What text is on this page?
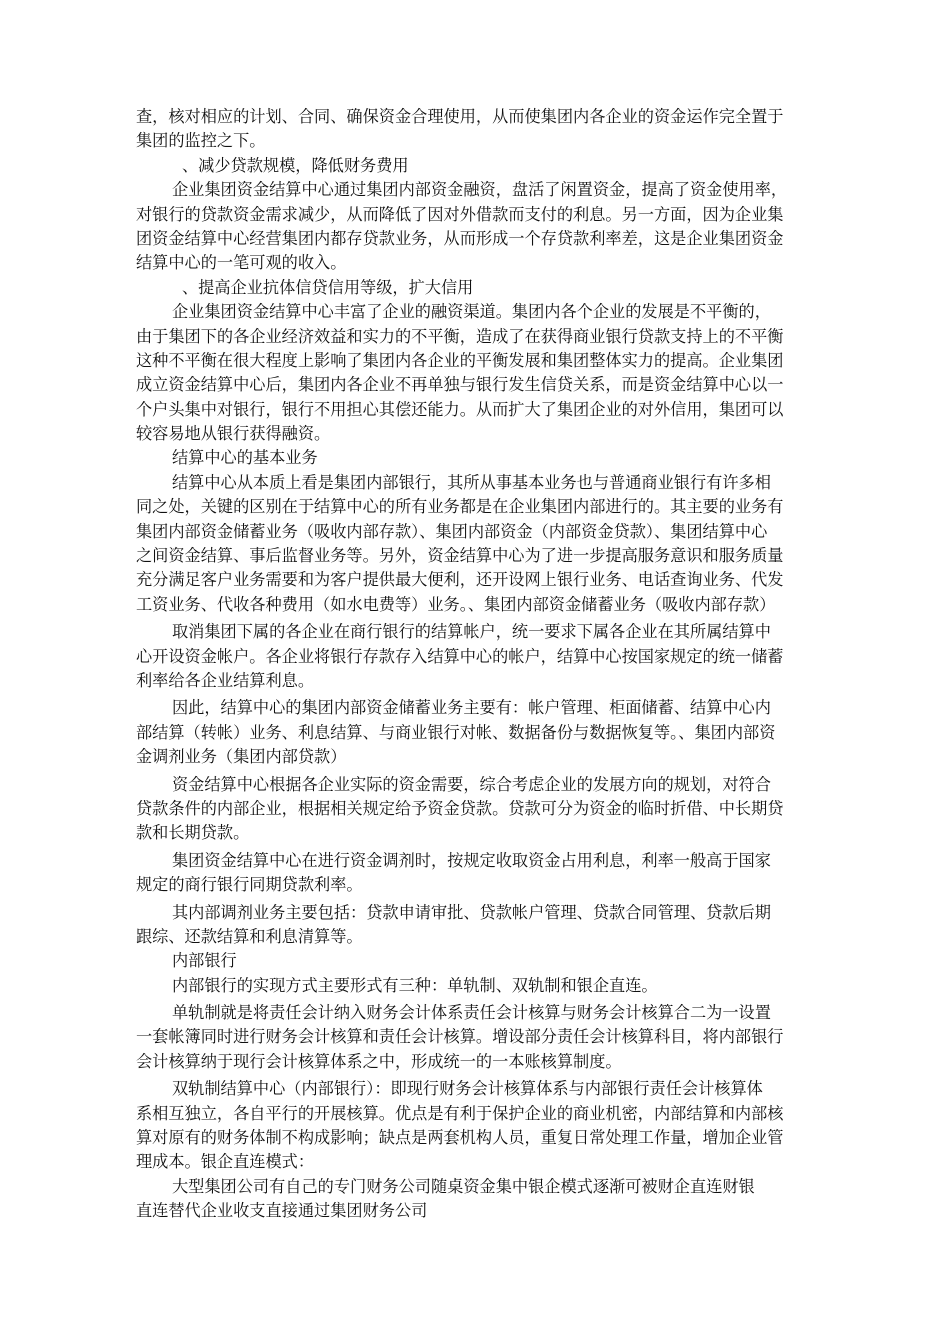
查，核对相应的计划、合同、确保资金合理使用，从而使集团内各企业的资金运作完全置于
集团的监控之下。
、减少贷款规模，降低财务费用
企业集团资金结算中心通过集团内部资金融资，盘活了闲置资金，提高了资金使用率，
对银行的贷款资金需求减少，从而降低了因对外借款而支付的利息。另一方面，因为企业集
团资金结算中心经营集团内都存贷款业务，从而形成一个存贷款利率差，这是企业集团资金
结算中心的一笔可观的收入。
、提高企业抗体信贷信用等级，扩大信用
企业集团资金结算中心丰富了企业的融资渠道。集团内各个企业的发展是不平衡的，
由于集团下的各企业经济效益和实力的不平衡，造成了在获得商业银行贷款支持上的不平衡
这种不平衡在很大程度上影响了集团内各企业的平衡发展和集团整体实力的提高。企业集团
成立资金结算中心后，集团内各企业不再单独与银行发生信贷关系，而是资金结算中心以一
个户头集中对银行，银行不用担心其偿还能力。从而扩大了集团企业的对外信用，集团可以
较容易地从银行获得融资。
结算中心的基本业务
结算中心从本质上看是集团内部银行，其所从事基本业务也与普通商业银行有许多相
同之处，关键的区别在于结算中心的所有业务都是在企业集团内部进行的。其主要的业务有
集团内部资金储蓄业务（吸收内部存款）、集团内部资金（内部资金贷款）、集团结算中心
之间资金结算、事后监督业务等。另外，资金结算中心为了进一步提高服务意识和服务质量
充分满足客户业务需要和为客户提供最大便利，还开设网上银行业务、电话查询业务、代发
工资业务、代收各种费用（如水电费等）业务。、集团内部资金储蓄业务（吸收内部存款）
取消集团下属的各企业在商行银行的结算帐户，统一要求下属各企业在其所属结算中
心开设资金帐户。各企业将银行存款存入结算中心的帐户，结算中心按国家规定的统一储蓄
利率给各企业结算利息。
因此，结算中心的集团内部资金储蓄业务主要有：帐户管理、柜面储蓄、结算中心内
部结算（转帐）业务、利息结算、与商业银行对帐、数据备份与数据恢复等。、集团内部资
金调剂业务（集团内部贷款）
资金结算中心根据各企业实际的资金需要，综合考虑企业的发展方向的规划，对符合
贷款条件的内部企业，根据相关规定给予资金贷款。贷款可分为资金的临时折借、中长期贷
款和长期贷款。
集团资金结算中心在进行资金调剂时，按规定收取资金占用利息，利率一般高于国家
规定的商行银行同期贷款利率。
其内部调剂业务主要包括：贷款申请审批、贷款帐户管理、贷款合同管理、贷款后期
跟综、还款结算和利息清算等。
内部银行
内部银行的实现方式主要形式有三种：单轨制、双轨制和银企直连。
单轨制就是将责任会计纳入财务会计体系责任会计核算与财务会计核算合二为一设置
一套帐簿同时进行财务会计核算和责任会计核算。增设部分责任会计核算科目，将内部银行
会计核算纳于现行会计核算体系之中，形成统一的一本账核算制度。
双轨制结算中心（内部银行）：即现行财务会计核算体系与内部银行责任会计核算体
系相互独立，各自平行的开展核算。优点是有利于保护企业的商业机密，内部结算和内部核
算对原有的财务体制不构成影响；缺点是两套机构人员，重复日常处理工作量，增加企业管
理成本。银企直连模式：
大型集团公司有自己的专门财务公司随桌资金集中银企模式逐渐可被财企直连财银
直连替代企业收支直接通过集团财务公司
